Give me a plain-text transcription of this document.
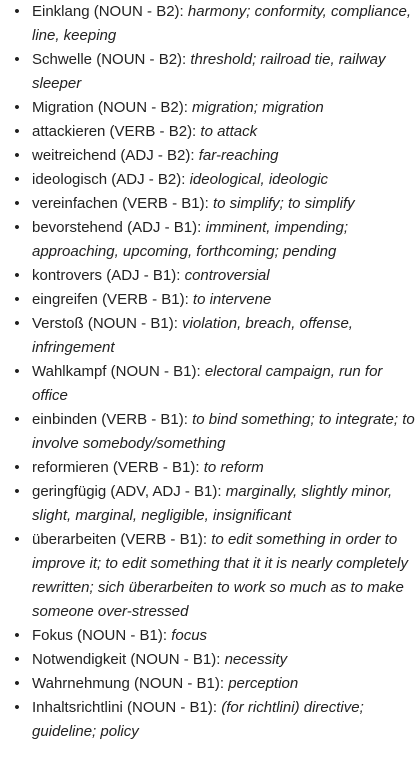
• Einklang (NOUN - B2): harmony; conformity, compliance, line, keeping
• Schwelle (NOUN - B2): threshold; railroad tie, railway sleeper
• Migration (NOUN - B2): migration; migration
• attackieren (VERB - B2): to attack
• weitreichend (ADJ - B2): far-reaching
• ideologisch (ADJ - B2): ideological, ideologic
• vereinfachen (VERB - B1): to simplify; to simplify
• bevorstehend (ADJ - B1): imminent, impending; approaching, upcoming, forthcoming; pending
• kontrovers (ADJ - B1): controversial
• eingreifen (VERB - B1): to intervene
• Verstoß (NOUN - B1): violation, breach, offense, infringement
• Wahlkampf (NOUN - B1): electoral campaign, run for office
• einbinden (VERB - B1): to bind something; to integrate; to involve somebody/something
• reformieren (VERB - B1): to reform
• geringfügig (ADV, ADJ - B1): marginally, slightly minor, slight, marginal, negligible, insignificant
• überarbeiten (VERB - B1): to edit something in order to improve it; to edit something that it it is nearly completely rewritten; sich überarbeiten to work so much as to make someone over-stressed
• Fokus (NOUN - B1): focus
• Notwendigkeit (NOUN - B1): necessity
• Wahrnehmung (NOUN - B1): perception
• Inhaltsrichtlini (NOUN - B1): (for richtlini) directive; guideline; policy
